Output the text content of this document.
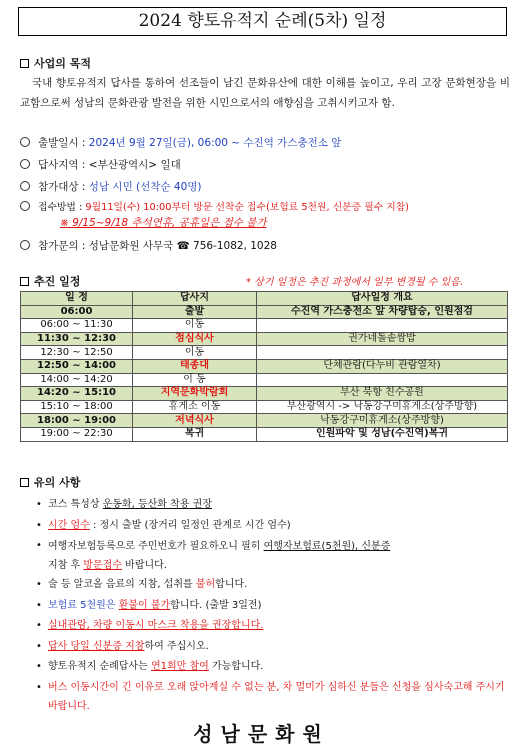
2024 향토유적지 순례(5차) 일정
사업의 목적
국내 향토유적지 답사를 통하여 선조들이 남긴 문화유산에 대한 이해를 높이고, 우리 고장 문화현장을 비교함으로써 성남의 문화관광 발전을 위한 시민으로서의 애향심을 고취시키고자 함.
출발일시 : 2024년 9월 27일(금), 06:00 ~ 수진역 가스충전소 앞
답사지역 : <부산광역시> 일대
참가대상 : 성남 시민 (선착순 40명)
접수방법 : 9월11일(수) 10:00부터 방문 선착순 접수(보험료 5천원, 신분증 필수 지참)
※ 9/15~9/18 추석연휴, 공휴일은 접수 불가
참가문의 : 성남문화원 사무국 ☎ 756-1082, 1028
추진 일정	* 상기 일정은 추진 과정에서 일부 변경될 수 있음.
일 정	답사지	답사일정 개요
06:00	출발	수진역 가스충전소 앞 차량탑승, 인원점검
06:00 ~ 11:30	이동	
11:30 ~ 12:30	점심식사	권가네돌솥쌈밥
12:30 ~ 12:50	이동	
12:50 ~ 14:00	태종대	단체관람(다누비 관람열차)
14:00 ~ 14:20	이 동	
14:20 ~ 15:10	지역문화박람회	부산 북항 친수공원
15:10 ~ 18:00	휴게소 이동	부산광역시 -> 낙동강구미휴게소(상주방향)
18:00 ~ 19:00	저녁식사	낙동강구미휴게소(상주방향)
19:00 ~ 22:30	복귀	인원파악 및 성남(수진역)복귀
유의 사항
• 코스 특성상 운동화, 등산화 착용 권장
• 시간 엄수 : 정시 출발 (장거리 일정인 관계로 시간 엄수)
• 여행자보험등록으로 주민번호가 필요하오니 필히 여행자보험료(5천원), 신분증
지참 후 방문접수 바랍니다.
• 술 등 알코올 음료의 지참, 섭취를 불허합니다.
• 보험료 5천원은 환불이 불가합니다. (출발 3일전)
• 실내관람, 차량 이동시 마스크 착용을 권장합니다.
• 답사 당일 신분증 지참하여 주십시오.
• 향토유적지 순례답사는 연1회만 참여 가능합니다.
• 버스 이동시간이 긴 이유로 오래 앉아계실 수 없는 분, 차 멀미가 심하신 분들은 신청을 심사숙고해 주시기 바랍니다.
성남문화원
